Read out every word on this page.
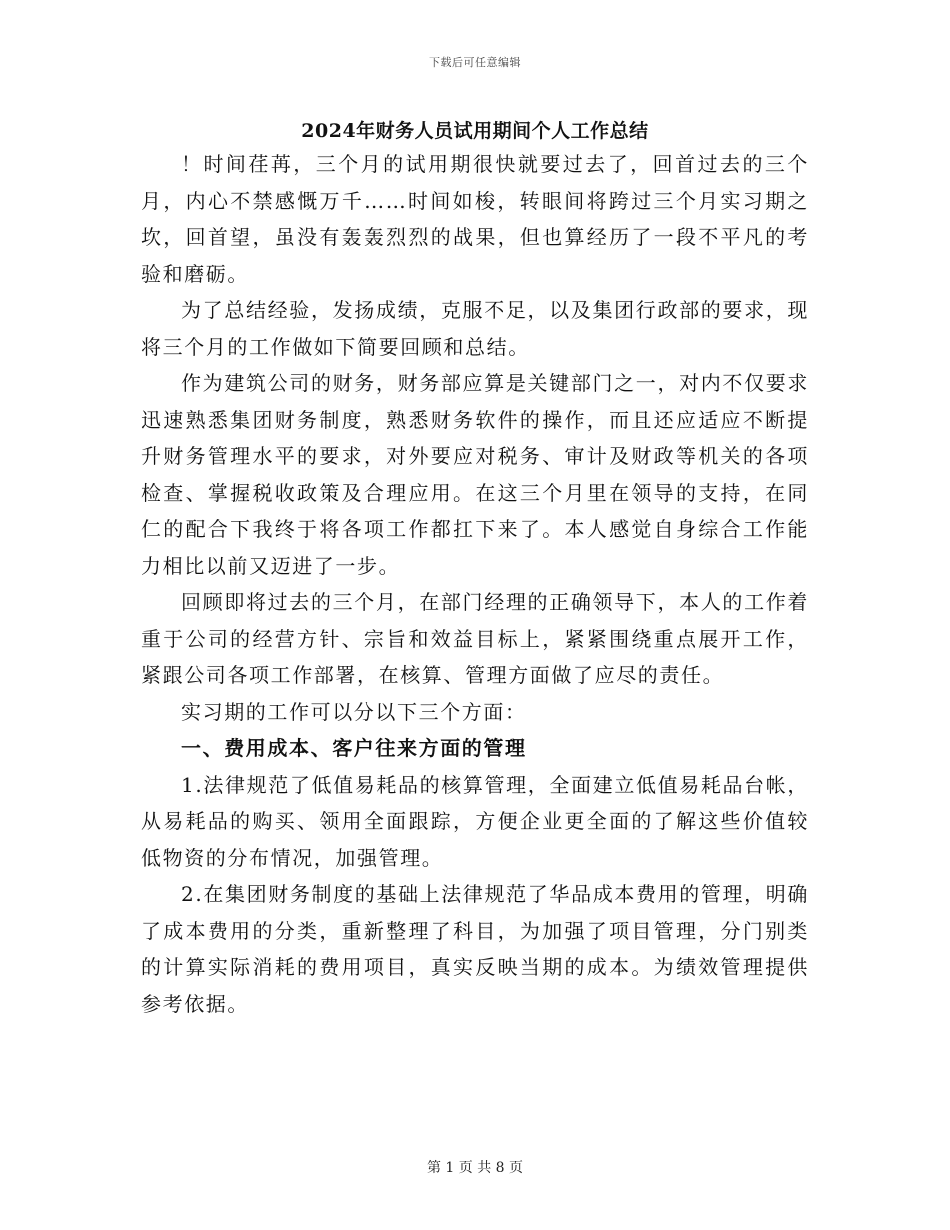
下载后可任意编辑
2024年财务人员试用期间个人工作总结

！时间荏苒，三个月的试用期很快就要过去了，回首过去的三个月，内心不禁感慨万千……时间如梭，转眼间将跨过三个月实习期之坎，回首望，虽没有轰轰烈烈的战果，但也算经历了一段不平凡的考验和磨砺。

为了总结经验，发扬成绩，克服不足，以及集团行政部的要求，现将三个月的工作做如下简要回顾和总结。

作为建筑公司的财务，财务部应算是关键部门之一，对内不仅要求迅速熟悉集团财务制度，熟悉财务软件的操作，而且还应适应不断提升财务管理水平的要求，对外要应对税务、审计及财政等机关的各项检查、掌握税收政策及合理应用。在这三个月里在领导的支持，在同仁的配合下我终于将各项工作都扛下来了。本人感觉自身综合工作能力相比以前又迈进了一步。

回顾即将过去的三个月，在部门经理的正确领导下，本人的工作着重于公司的经营方针、宗旨和效益目标上，紧紧围绕重点展开工作，紧跟公司各项工作部署，在核算、管理方面做了应尽的责任。

实习期的工作可以分以下三个方面：

一、费用成本、客户往来方面的管理

1.法律规范了低值易耗品的核算管理，全面建立低值易耗品台帐，从易耗品的购买、领用全面跟踪，方便企业更全面的了解这些价值较低物资的分布情况，加强管理。

2.在集团财务制度的基础上法律规范了华品成本费用的管理，明确了成本费用的分类，重新整理了科目，为加强了项目管理，分门别类的计算实际消耗的费用项目，真实反映当期的成本。为绩效管理提供参考依据。

第 1 页 共 8 页
